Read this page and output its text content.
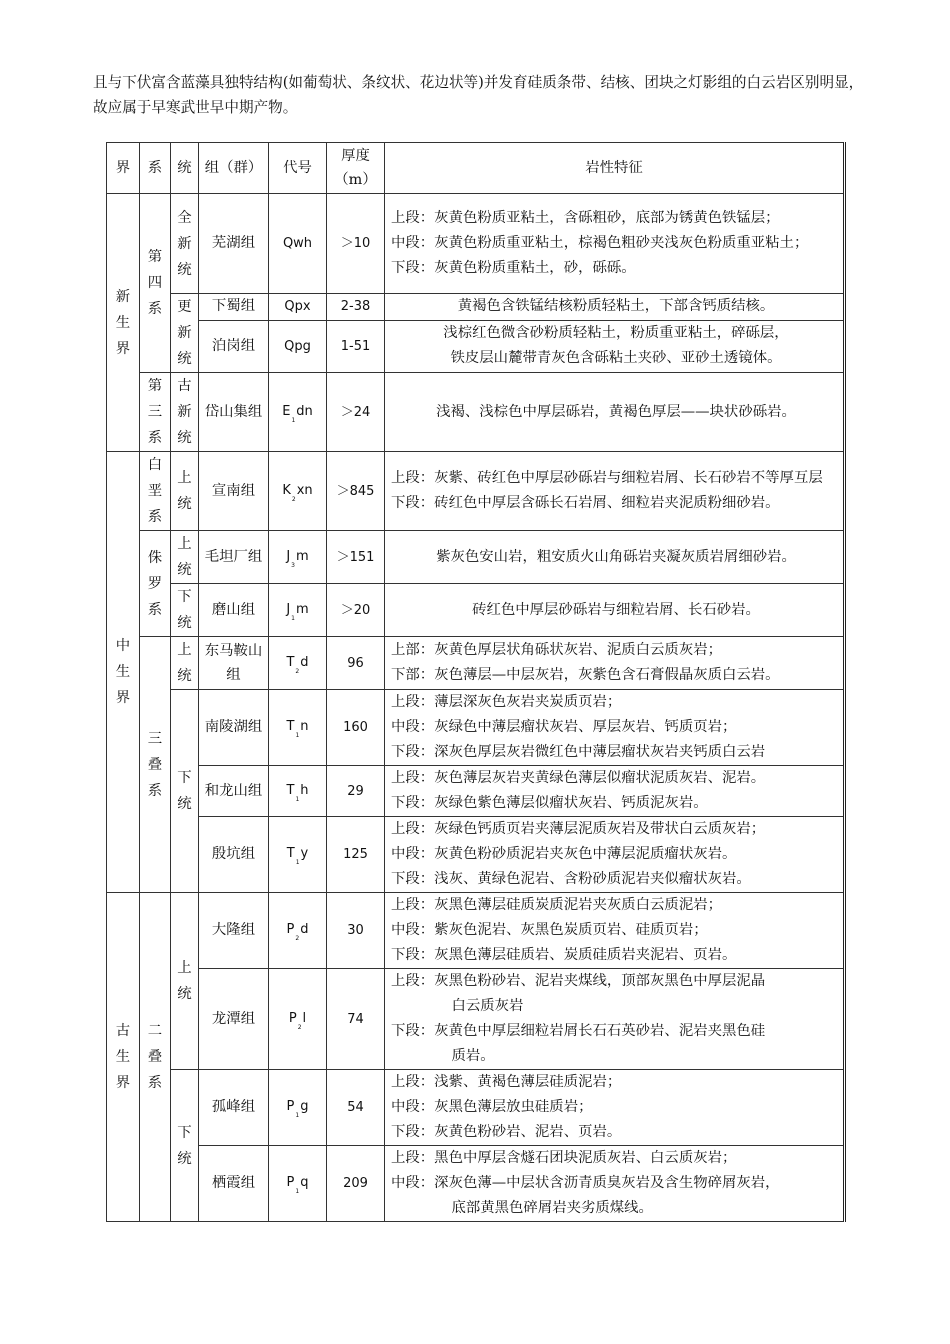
且与下伏富含蓝藻具独特结构(如葡萄状、条纹状、花边状等)并发育硅质条带、结核、团块之灯影组的白云岩区别明显，故应属于早寒武世早中期产物。

界	系	统	组（群）	代号	厚度（m）	岩性特征
新生界	第四系	全新统	芜湖组	Qwh	＞10	上段：灰黄色粉质亚粘土，含砾粗砂，底部为锈黄色铁锰层；
中段：灰黄色粉质重亚粘土，棕褐色粗砂夹浅灰色粉质重亚粘土；
下段：灰黄色粉质重粘土，砂，砾砾。

		更新统	下蜀组	Qpx	2-38	黄褐色含铁锰结核粉质轻粘土，下部含钙质结核。

			泊岗组	Qpg	1-51	浅棕红色微含砂粉质轻粘土，粉质重亚粘土，碎砾层，
铁皮层山麓带青灰色含砾粘土夹砂、亚砂土透镜体。

	第三系	古新统	岱山集组	$E_1dn$	＞24	浅褐、浅棕色中厚层砾岩，黄褐色厚层——块状砂砾岩。

中生界	白垩系	上统	宣南组	$K_2xn$	＞845	上段：灰紫、砖红色中厚层砂砾岩与细粒岩屑、长石砂岩不等厚互层
下段：砖红色中厚层含砾长石岩屑、细粒岩夹泥质粉细砂岩。

	侏罗系	上统	毛坦厂组	$J_3m$	＞151	紫灰色安山岩，粗安质火山角砾岩夹凝灰质岩屑细砂岩。

		下统	磨山组	$J_1m$	＞20	砖红色中厚层砂砾岩与细粒岩屑、长石砂岩。

	三叠系	上统	东马鞍山组	$T_2d$	96	上部：灰黄色厚层状角砾状灰岩、泥质白云质灰岩；
下部：灰色薄层—中层灰岩，灰紫色含石膏假晶灰质白云岩。

		下统	南陵湖组	$T_1n$	160	上段：薄层深灰色灰岩夹炭质页岩；
中段：灰绿色中薄层瘤状灰岩、厚层灰岩、钙质页岩；
下段：深灰色厚层灰岩微红色中薄层瘤状灰岩夹钙质白云岩

			和龙山组	$T_1h$	29	上段：灰色薄层灰岩夹黄绿色薄层似瘤状泥质灰岩、泥岩。
下段：灰绿色紫色薄层似瘤状灰岩、钙质泥灰岩。

			殷坑组	$T_1y$	125	上段：灰绿色钙质页岩夹薄层泥质灰岩及带状白云质灰岩；
中段：灰黄色粉砂质泥岩夹灰色中薄层泥质瘤状灰岩。
下段：浅灰、黄绿色泥岩、含粉砂质泥岩夹似瘤状灰岩。

古生界	二叠系	上统	大隆组	$P_2d$	30	上段：灰黑色薄层硅质炭质泥岩夹灰质白云质泥岩；
中段：紫灰色泥岩、灰黑色炭质页岩、硅质页岩；
下段：灰黑色薄层硅质岩、炭质硅质岩夹泥岩、页岩。

			龙潭组	$P_2l$	74	上段：灰黑色粉砂岩、泥岩夹煤线，顶部灰黑色中厚层泥晶
白云质灰岩
下段：灰黄色中厚层细粒岩屑长石石英砂岩、泥岩夹黑色硅
质岩。

		下统	孤峰组	$P_1g$	54	上段：浅紫、黄褐色薄层硅质泥岩；
中段：灰黑色薄层放虫硅质岩；
下段：灰黄色粉砂岩、泥岩、页岩。

			栖霞组	$P_1q$	209	上段：黑色中厚层含燧石团块泥质灰岩、白云质灰岩；
中段：深灰色薄—中层状含沥青质臭灰岩及含生物碎屑灰岩，
底部黄黑色碎屑岩夹劣质煤线。
